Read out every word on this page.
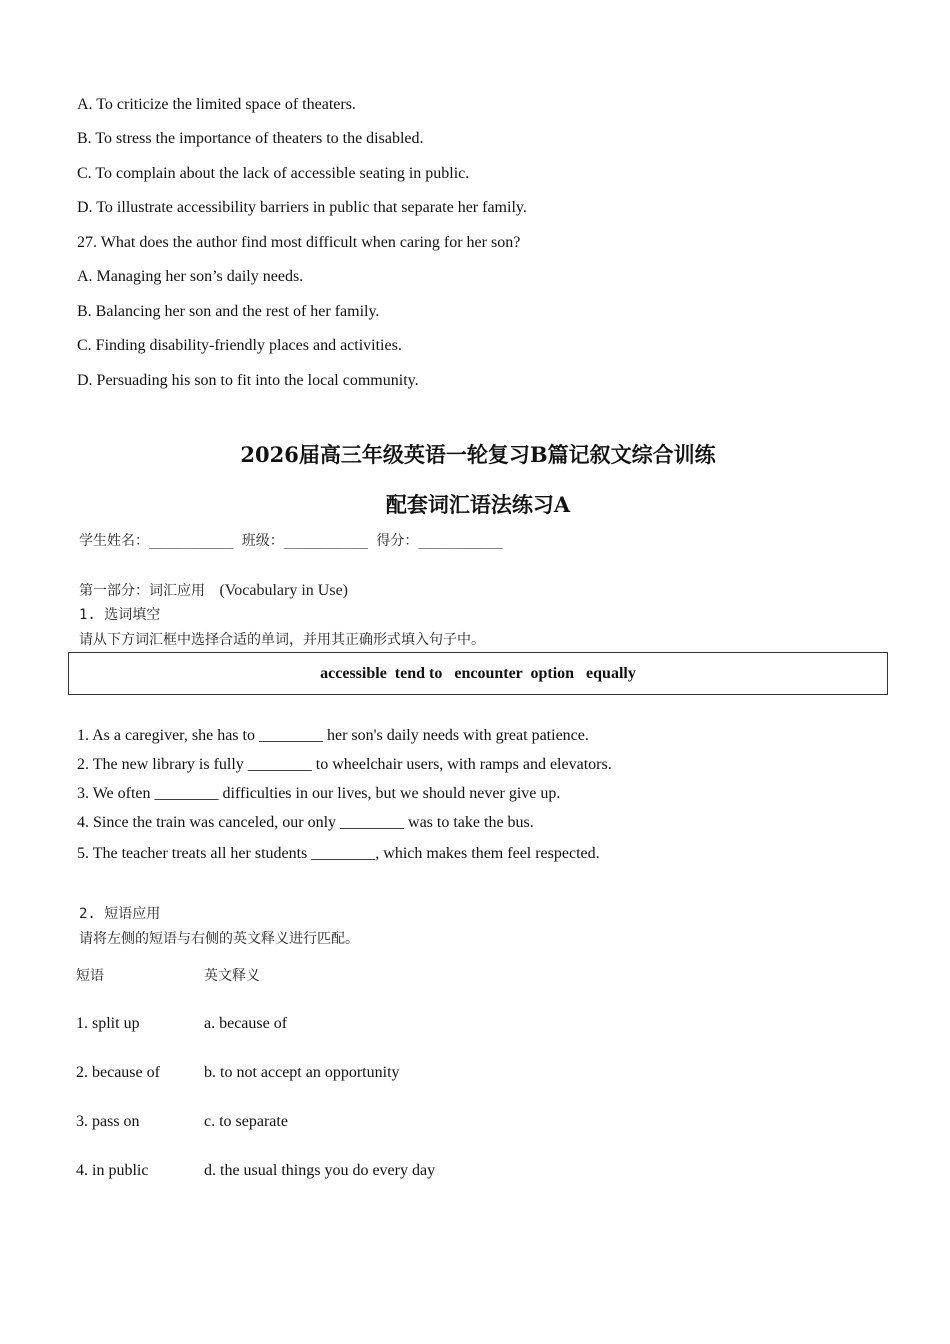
A. To criticize the limited space of theaters.
B. To stress the importance of theaters to the disabled.
C. To complain about the lack of accessible seating in public.
D. To illustrate accessibility barriers in public that separate her family.
27. What does the author find most difficult when caring for her son?
A. Managing her son’s daily needs.
B. Balancing her son and the rest of her family.
C. Finding disability-friendly places and activities.
D. Persuading his son to fit into the local community.
2026届高三年级英语一轮复习B篇记叙文综合训练
配套词汇语法练习A
学生姓名：__________ 班级：__________ 得分：__________
第一部分：词汇应用 (Vocabulary in Use)
1. 选词填空
请从下方词汇框中选择合适的单词，并用其正确形式填入句子中。
accessible  tend to   encounter  option   equally
1. As a caregiver, she has to ________ her son's daily needs with great patience.
2. The new library is fully ________ to wheelchair users, with ramps and elevators.
3. We often ________ difficulties in our lives, but we should never give up.
4. Since the train was canceled, our only ________ was to take the bus.
5. The teacher treats all her students ________, which makes them feel respected.
2. 短语应用
请将左侧的短语与右侧的英文释义进行匹配。
短语	英文释义
1. split up	a. because of
2. because of	b. to not accept an opportunity
3. pass on	c. to separate
4. in public	d. the usual things you do every day
